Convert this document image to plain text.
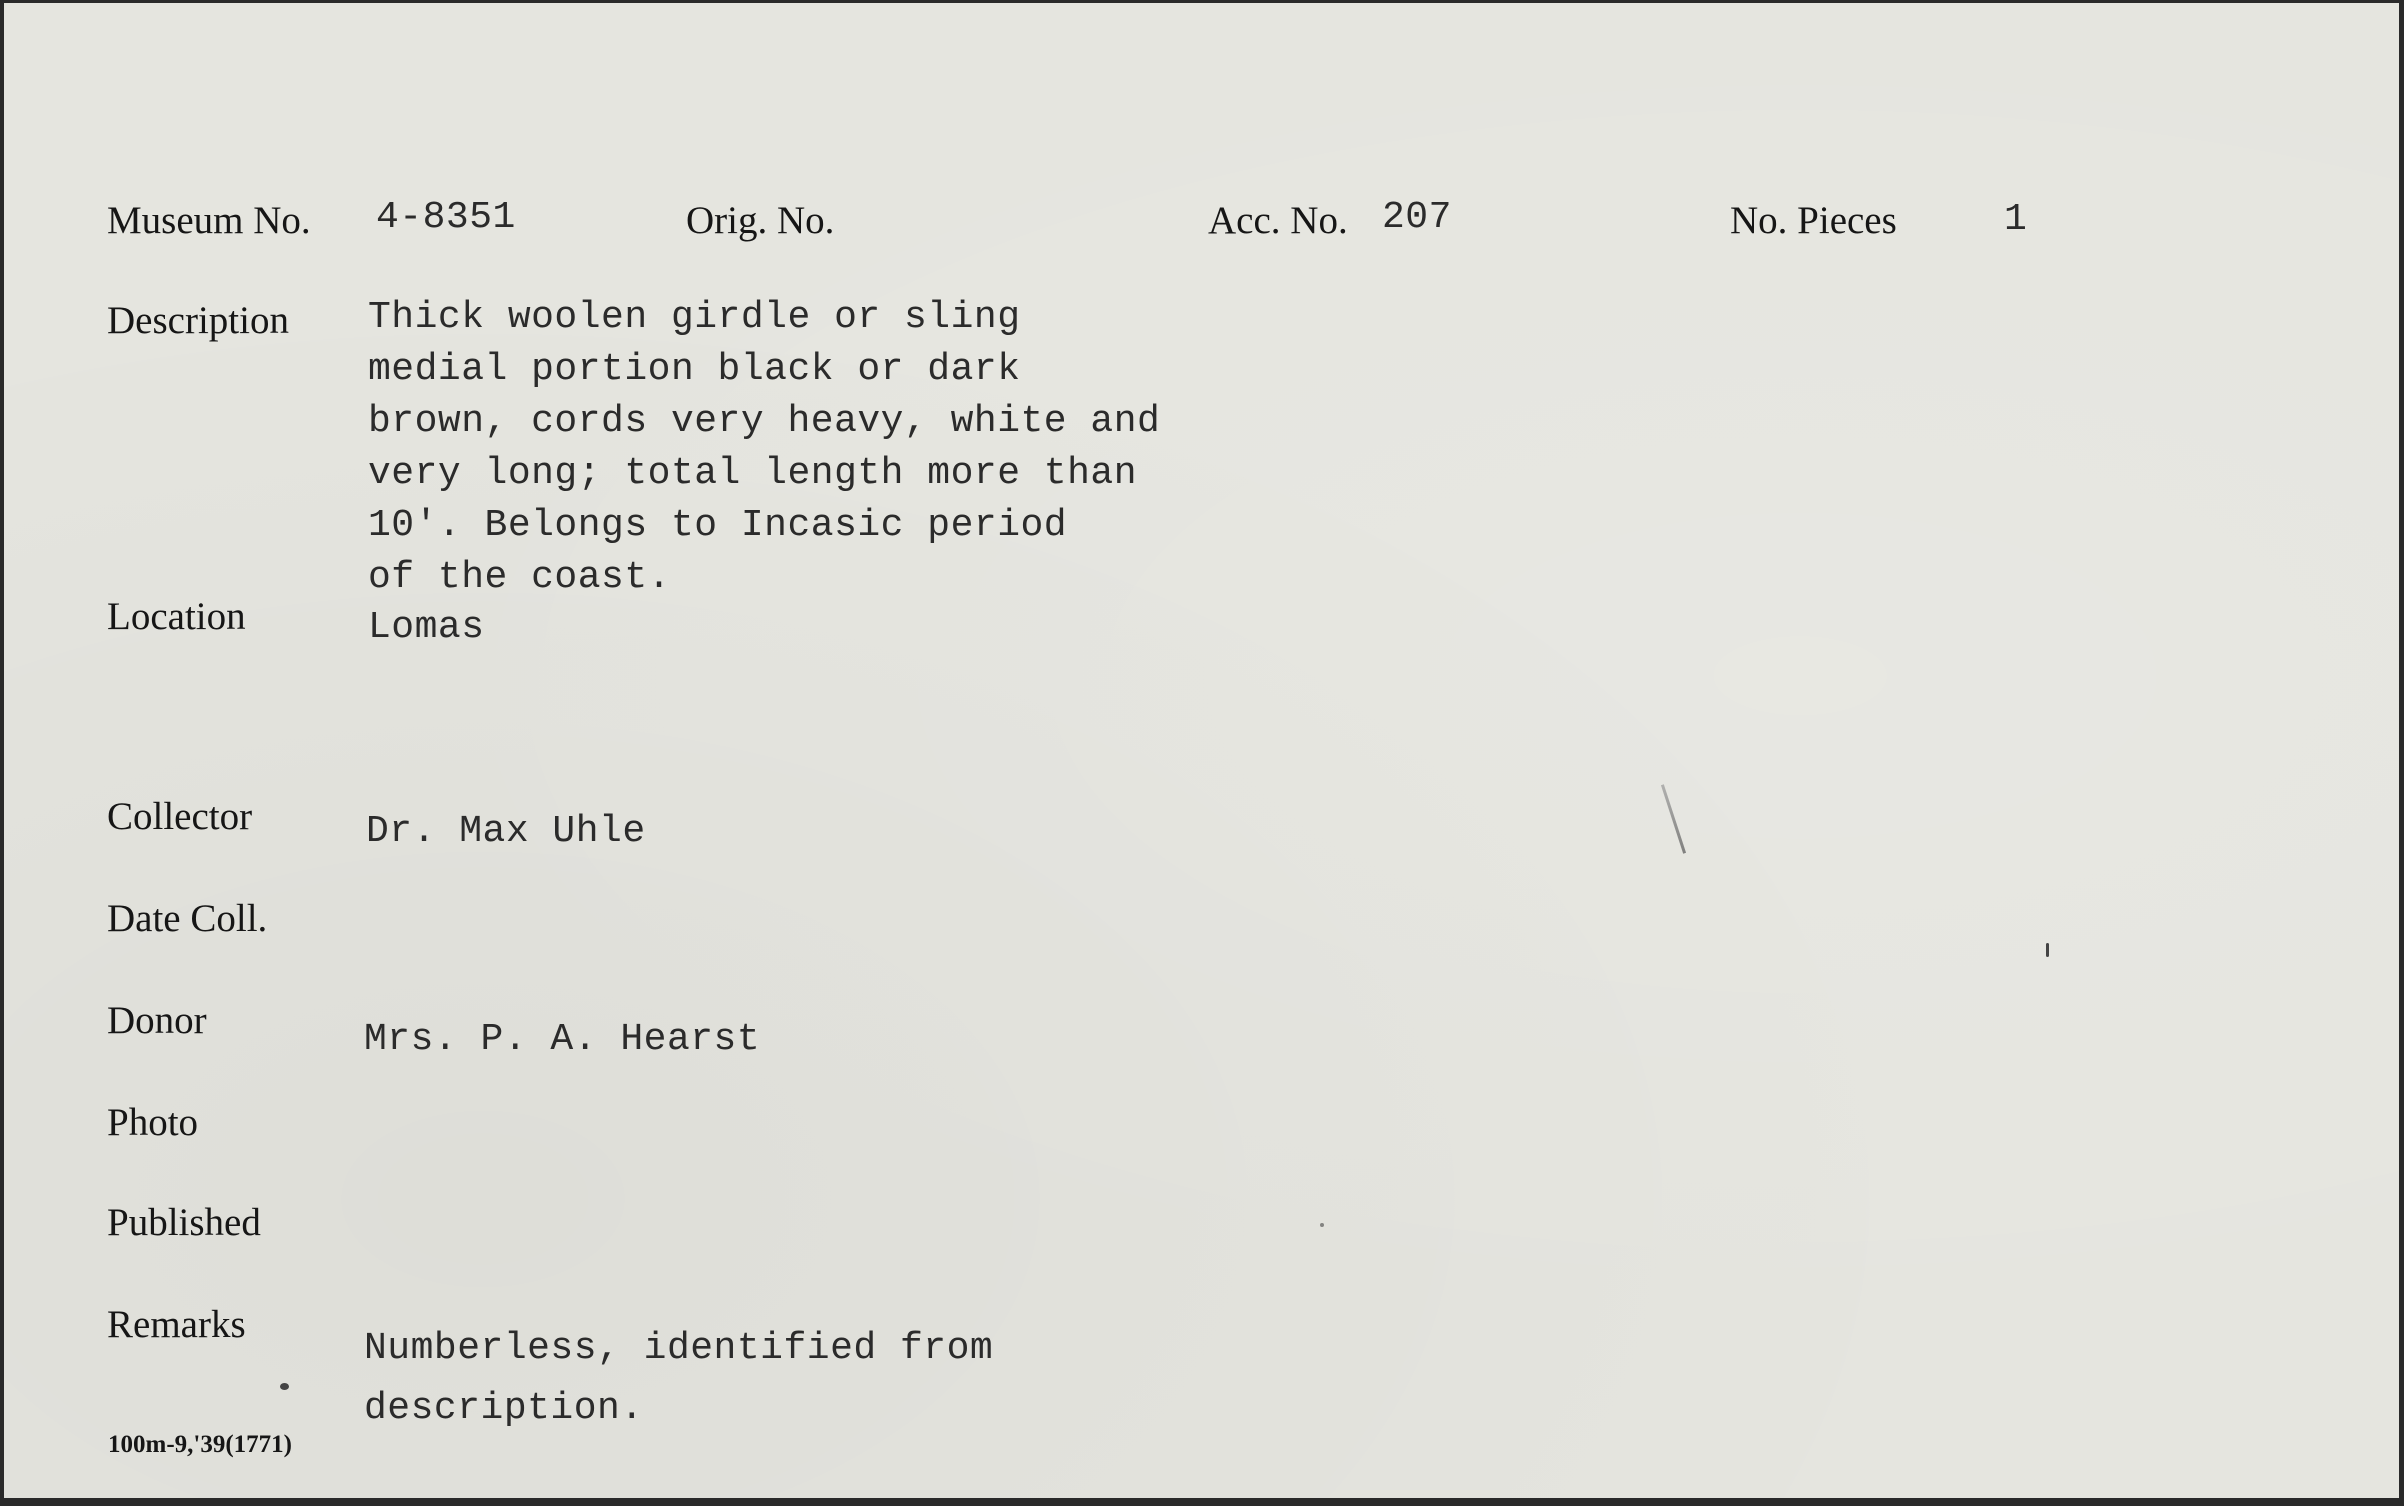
Museum No. 4-8351	Orig. No.	Acc. No. 207	No. Pieces	1
Description Thick woolen girdle or sling
medial portion black or dark
brown, cords very heavy, white and
very long; total length more than
10'. Belongs to Incasic period
of the coast.
Location	Lomas
Collector	Dr. Max Uhle
Date Coll.
Donor	Mrs. P. A. Hearst
Photo
Published
Remarks
Numberless, identified from
description.
100m-9,'39(1771)
